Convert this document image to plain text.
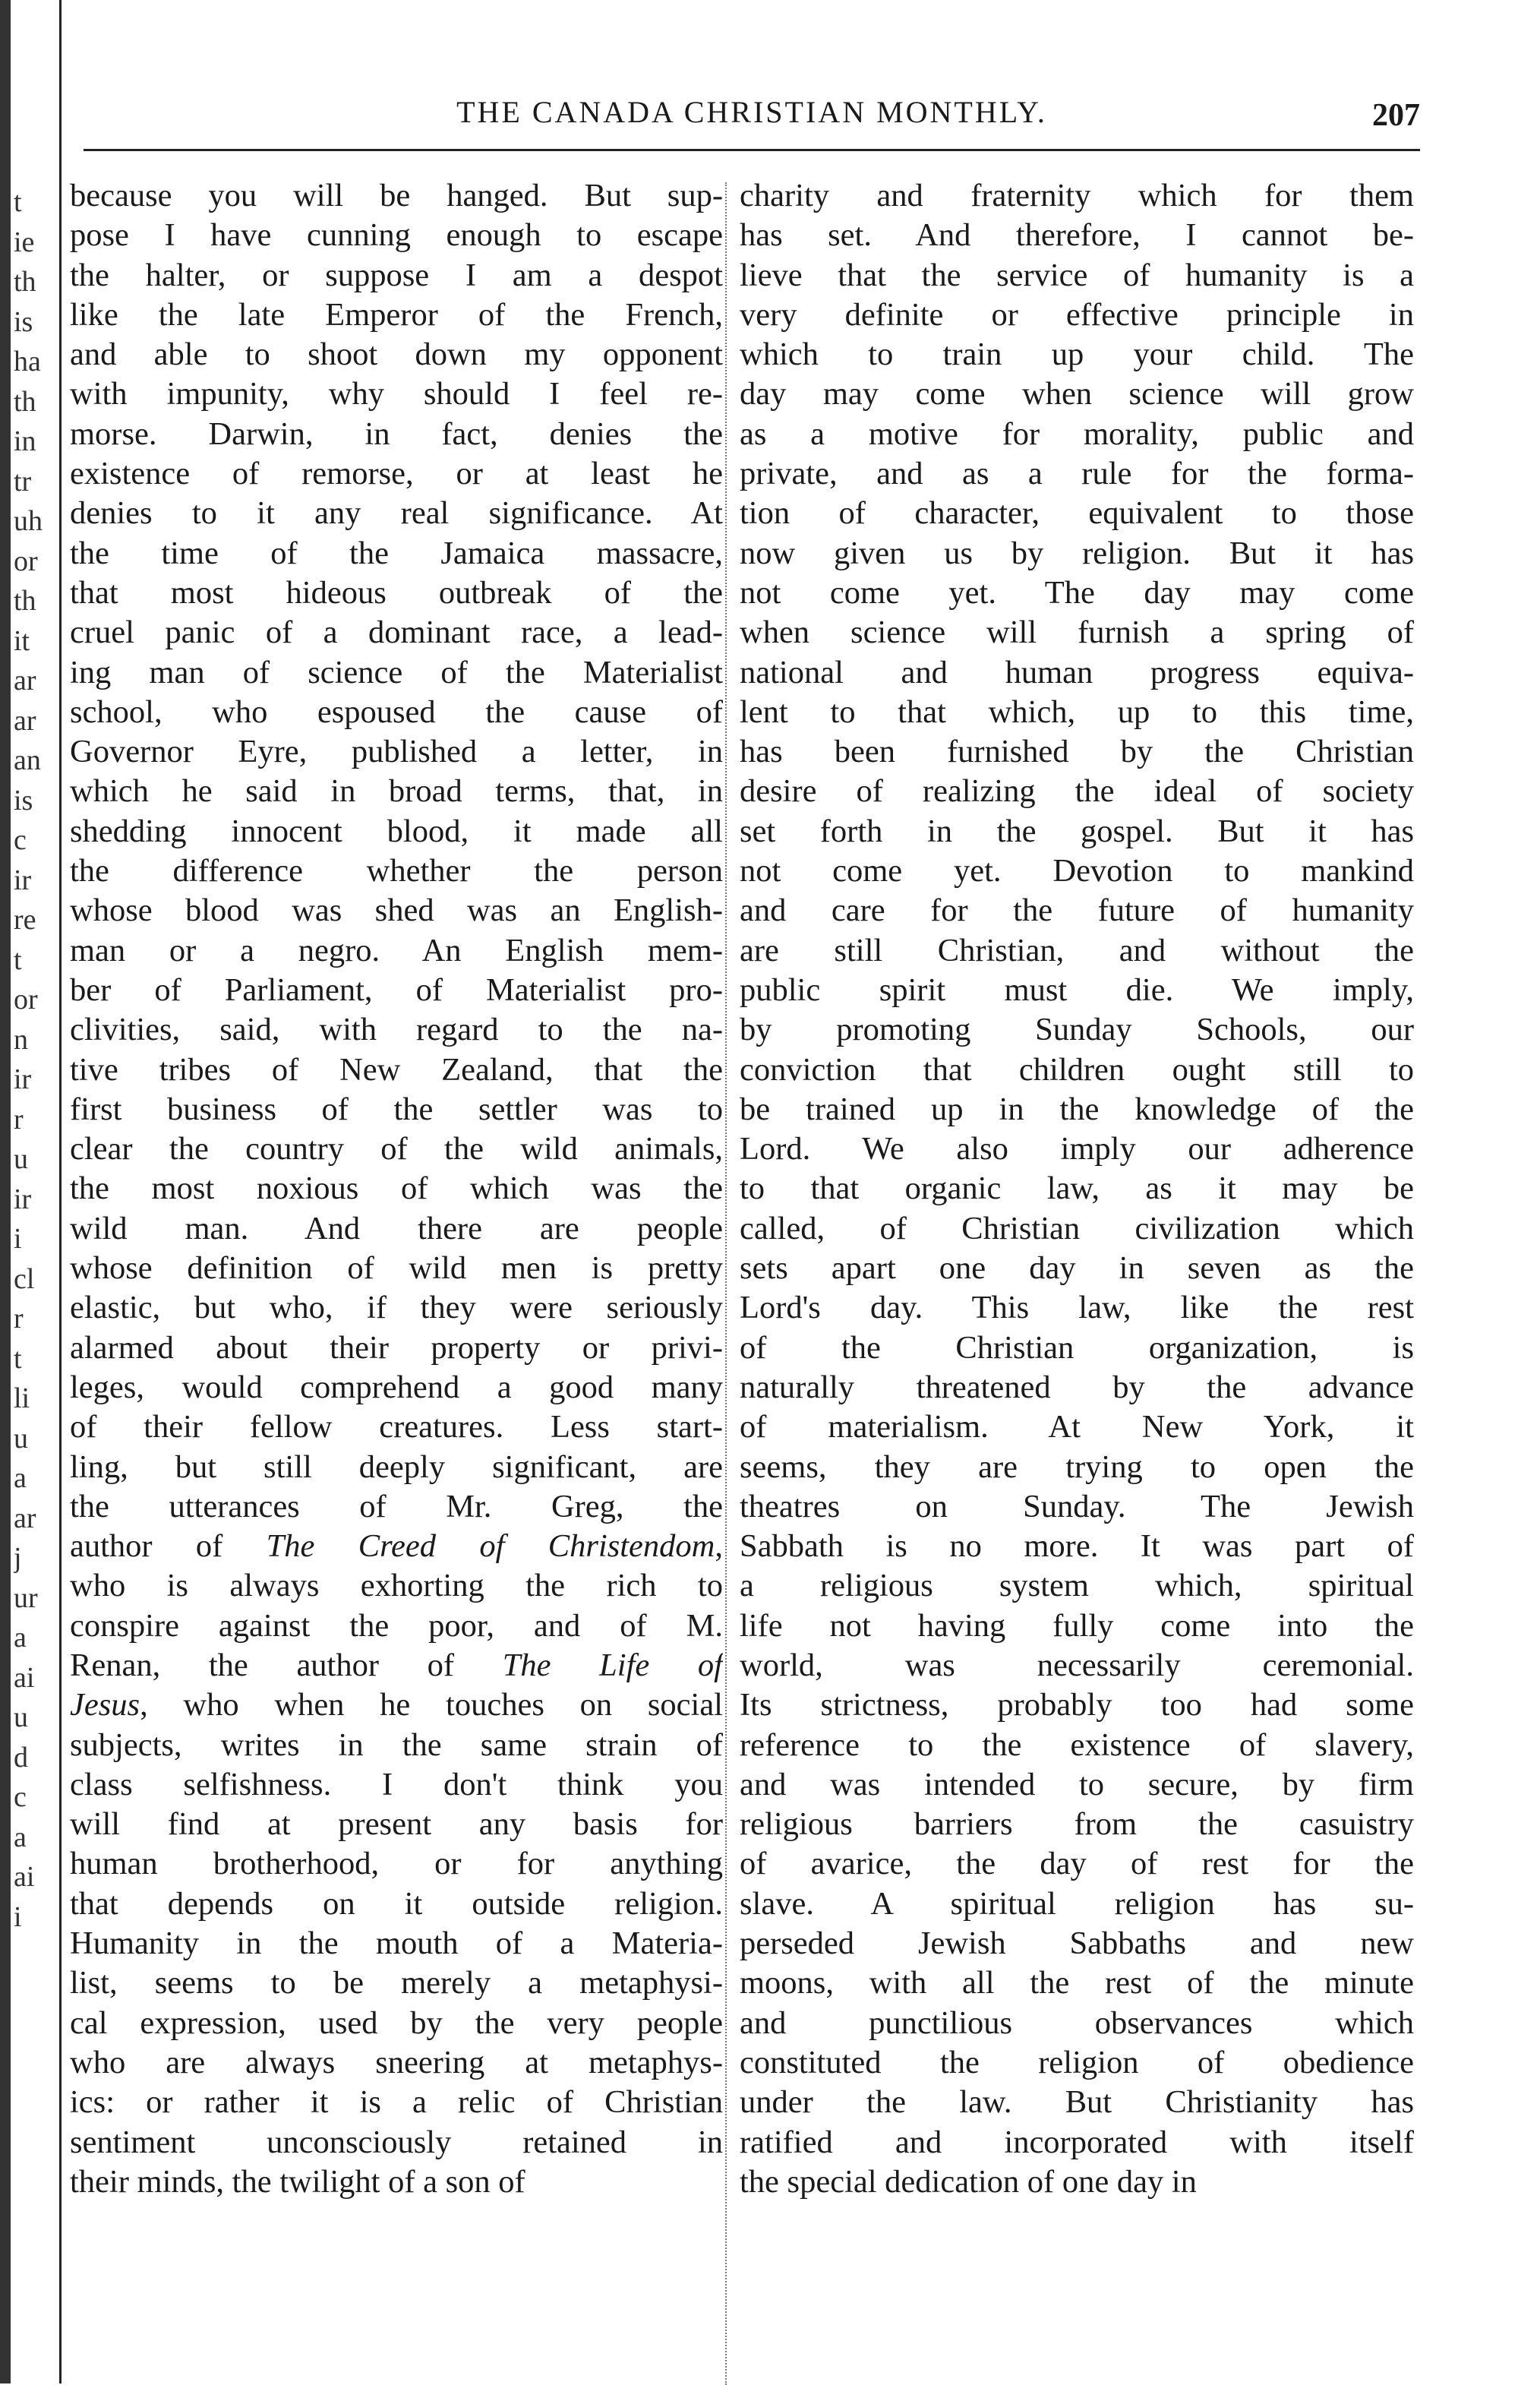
t
ie
th
is
ha
th
in
tr
uh
or
th
it
ar
ar
an
is
c
ir
re
t
or
n
ir
r
u
ir
i
cl
r
t
li
u
a
ar
j
ur
a
ai
u
d
c
a
ai
i
THE CANADA CHRISTIAN MONTHLY.	207
because you will be hanged. But sup-
pose I have cunning enough to escape
the halter, or suppose I am a despot
like the late Emperor of the French,
and able to shoot down my opponent
with impunity, why should I feel re-
morse. Darwin, in fact, denies the
existence of remorse, or at least he
denies to it any real significance. At
the time of the Jamaica massacre,
that most hideous outbreak of the
cruel panic of a dominant race, a lead-
ing man of science of the Materialist
school, who espoused the cause of
Governor Eyre, published a letter, in
which he said in broad terms, that, in
shedding innocent blood, it made all
the difference whether the person
whose blood was shed was an English-
man or a negro. An English mem-
ber of Parliament, of Materialist pro-
clivities, said, with regard to the na-
tive tribes of New Zealand, that the
first business of the settler was to
clear the country of the wild animals,
the most noxious of which was the
wild man. And there are people
whose definition of wild men is pretty
elastic, but who, if they were seriously
alarmed about their property or privi-
leges, would comprehend a good many
of their fellow creatures. Less start-
ling, but still deeply significant, are
the utterances of Mr. Greg, the
author of The Creed of Christendom,
who is always exhorting the rich to
conspire against the poor, and of M.
Renan, the author of The Life of
Jesus, who when he touches on social
subjects, writes in the same strain of
class selfishness. I don't think you
will find at present any basis for
human brotherhood, or for anything
that depends on it outside religion.
Humanity in the mouth of a Materia-
list, seems to be merely a metaphysi-
cal expression, used by the very people
who are always sneering at metaphys-
ics: or rather it is a relic of Christian
sentiment unconsciously retained in
their minds, the twilight of a son of
charity and fraternity which for them
has set. And therefore, I cannot be-
lieve that the service of humanity is a
very definite or effective principle in
which to train up your child. The
day may come when science will grow
as a motive for morality, public and
private, and as a rule for the forma-
tion of character, equivalent to those
now given us by religion. But it has
not come yet. The day may come
when science will furnish a spring of
national and human progress equiva-
lent to that which, up to this time,
has been furnished by the Christian
desire of realizing the ideal of society
set forth in the gospel. But it has
not come yet. Devotion to mankind
and care for the future of humanity
are still Christian, and without the
public spirit must die. We imply,
by promoting Sunday Schools, our
conviction that children ought still to
be trained up in the knowledge of the
Lord. We also imply our adherence
to that organic law, as it may be
called, of Christian civilization which
sets apart one day in seven as the
Lord's day. This law, like the rest
of the Christian organization, is
naturally threatened by the advance
of materialism. At New York, it
seems, they are trying to open the
theatres on Sunday. The Jewish
Sabbath is no more. It was part of
a religious system which, spiritual
life not having fully come into the
world, was necessarily ceremonial.
Its strictness, probably too had some
reference to the existence of slavery,
and was intended to secure, by firm
religious barriers from the casuistry
of avarice, the day of rest for the
slave. A spiritual religion has su-
perseded Jewish Sabbaths and new
moons, with all the rest of the minute
and punctilious observances which
constituted the religion of obedience
under the law. But Christianity has
ratified and incorporated with itself
the special dedication of one day in
